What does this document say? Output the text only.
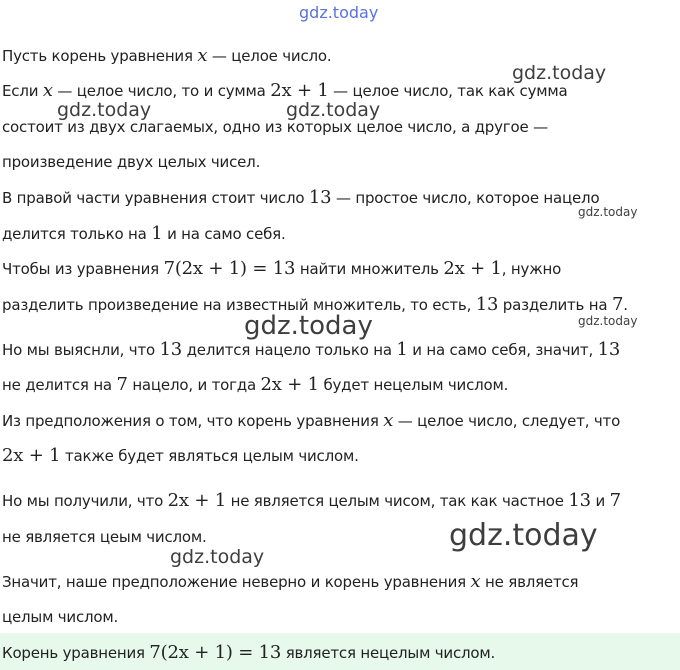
Пусть корень уравнения x — целое число.
Если x — целое число, то и сумма 2x + 1 — целое число, так как сумма
состоит из двух слагаемых, одно из которых целое число, а другое —
произведение двух целых чисел.
В правой части уравнения стоит число 13 — простое число, которое нацело
делится только на 1 и на само себя.
Чтобы из уравнения 7(2x + 1) = 13 найти множитель 2x + 1, нужно
разделить произведение на известный множитель, то есть, 13 разделить на 7.
Но мы выяснли, что 13 делится нацело только на 1 и на само себя, значит, 13
не делится на 7 нацело, и тогда 2x + 1 будет нецелым числом.
Из предположения о том, что корень уравнения x — целое число, следует, что
2x + 1 также будет являться целым числом.
Но мы получили, что 2x + 1 не является целым чисом, так как частное 13 и 7
не является цеым числом.
Значит, наше предположение неверно и корень уравнения x не является
целым числом.
Корень уравнения 7(2x + 1) = 13 является нецелым числом.
gdz.today
gdz.today
gdz.today	gdz.today
gdz.today
gdz.today	gdz.today
gdz.today
gdz.today
